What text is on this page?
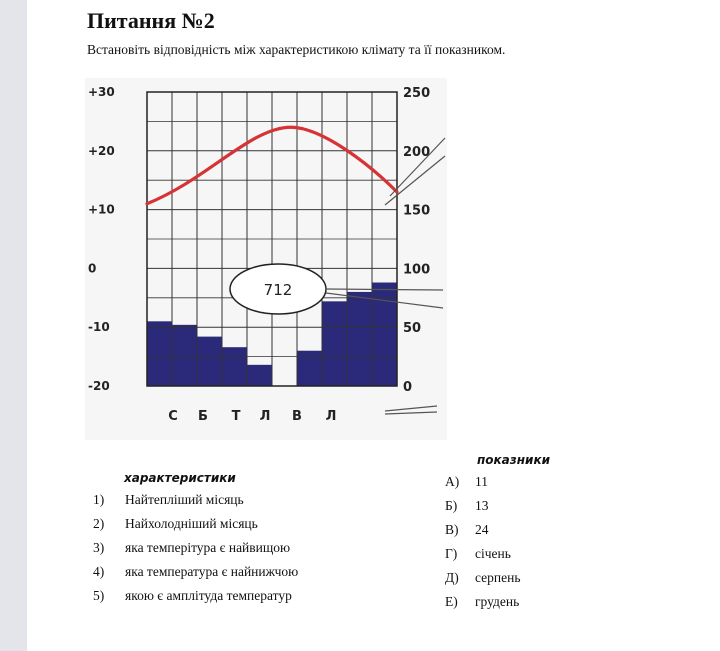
Питання №2

Встановіть відповідність між характеристикою клімату та її показником.

712
+30
+20
+10
0
-10
-20
250
200
150
100
50
0
С Б Т Л В Л

характеристики

1)	Найтепліший місяць
2)	Найхолодніший місяць
3)	яка темперітура є найвищою
4)	яка температура є найнижчою
5)	якою є амплітуда температур

показники

А)	11
Б)	13
В)	24
Г)	січень
Д)	серпень
Е)	грудень
